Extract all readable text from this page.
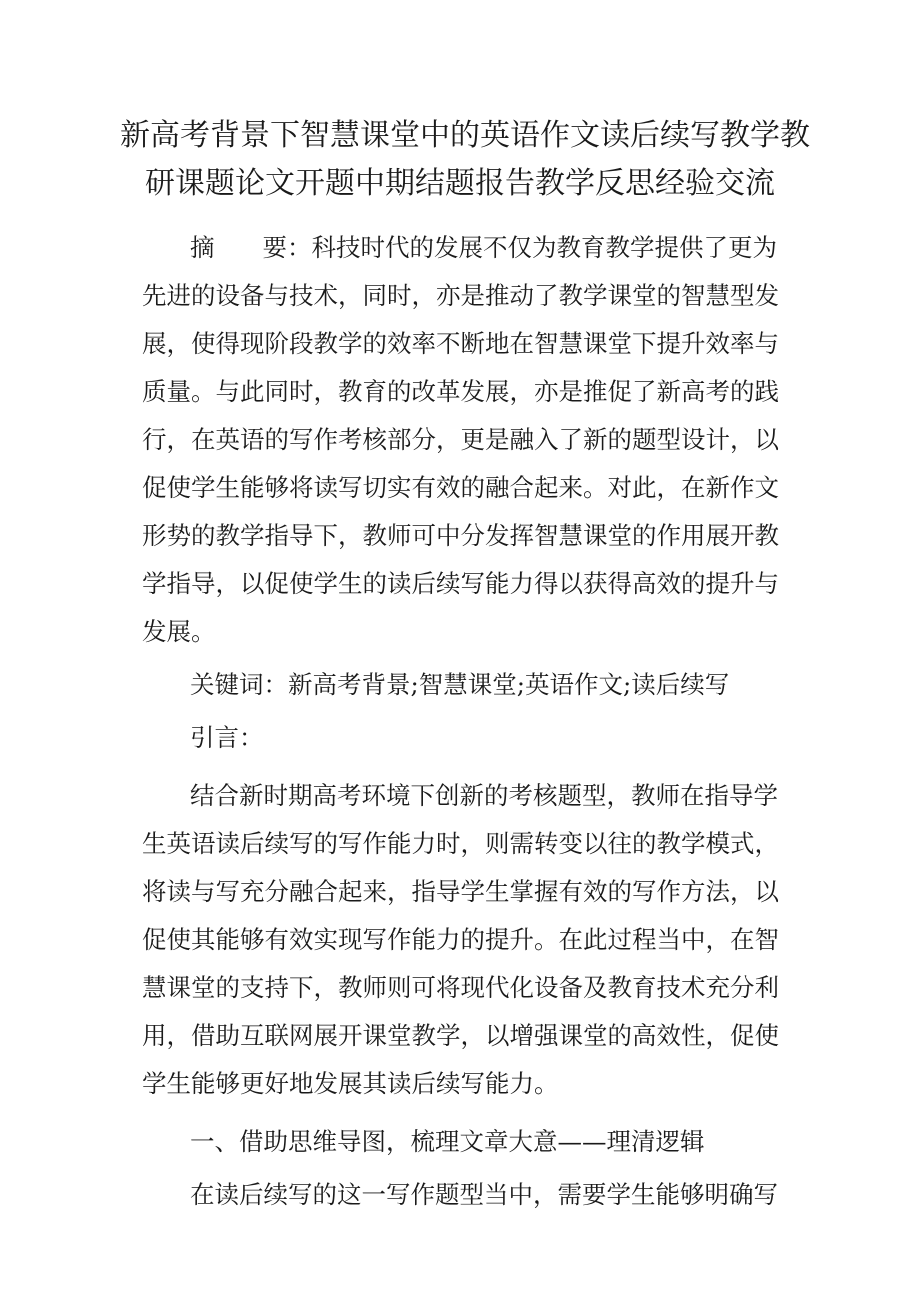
新高考背景下智慧课堂中的英语作文读后续写教学教
研课题论文开题中期结题报告教学反思经验交流
摘 要：科技时代的发展不仅为教育教学提供了更为
先进的设备与技术，同时，亦是推动了教学课堂的智慧型发
展，使得现阶段教学的效率不断地在智慧课堂下提升效率与
质量。与此同时，教育的改革发展，亦是推促了新高考的践
行，在英语的写作考核部分，更是融入了新的题型设计，以
促使学生能够将读写切实有效的融合起来。对此，在新作文
形势的教学指导下，教师可中分发挥智慧课堂的作用展开教
学指导，以促使学生的读后续写能力得以获得高效的提升与
发展。
关键词：新高考背景;智慧课堂;英语作文;读后续写
引言：
结合新时期高考环境下创新的考核题型，教师在指导学
生英语读后续写的写作能力时，则需转变以往的教学模式，
将读与写充分融合起来，指导学生掌握有效的写作方法，以
促使其能够有效实现写作能力的提升。在此过程当中，在智
慧课堂的支持下，教师则可将现代化设备及教育技术充分利
用，借助互联网展开课堂教学，以增强课堂的高效性，促使
学生能够更好地发展其读后续写能力。
一、借助思维导图，梳理文章大意——理清逻辑
在读后续写的这一写作题型当中，需要学生能够明确写
